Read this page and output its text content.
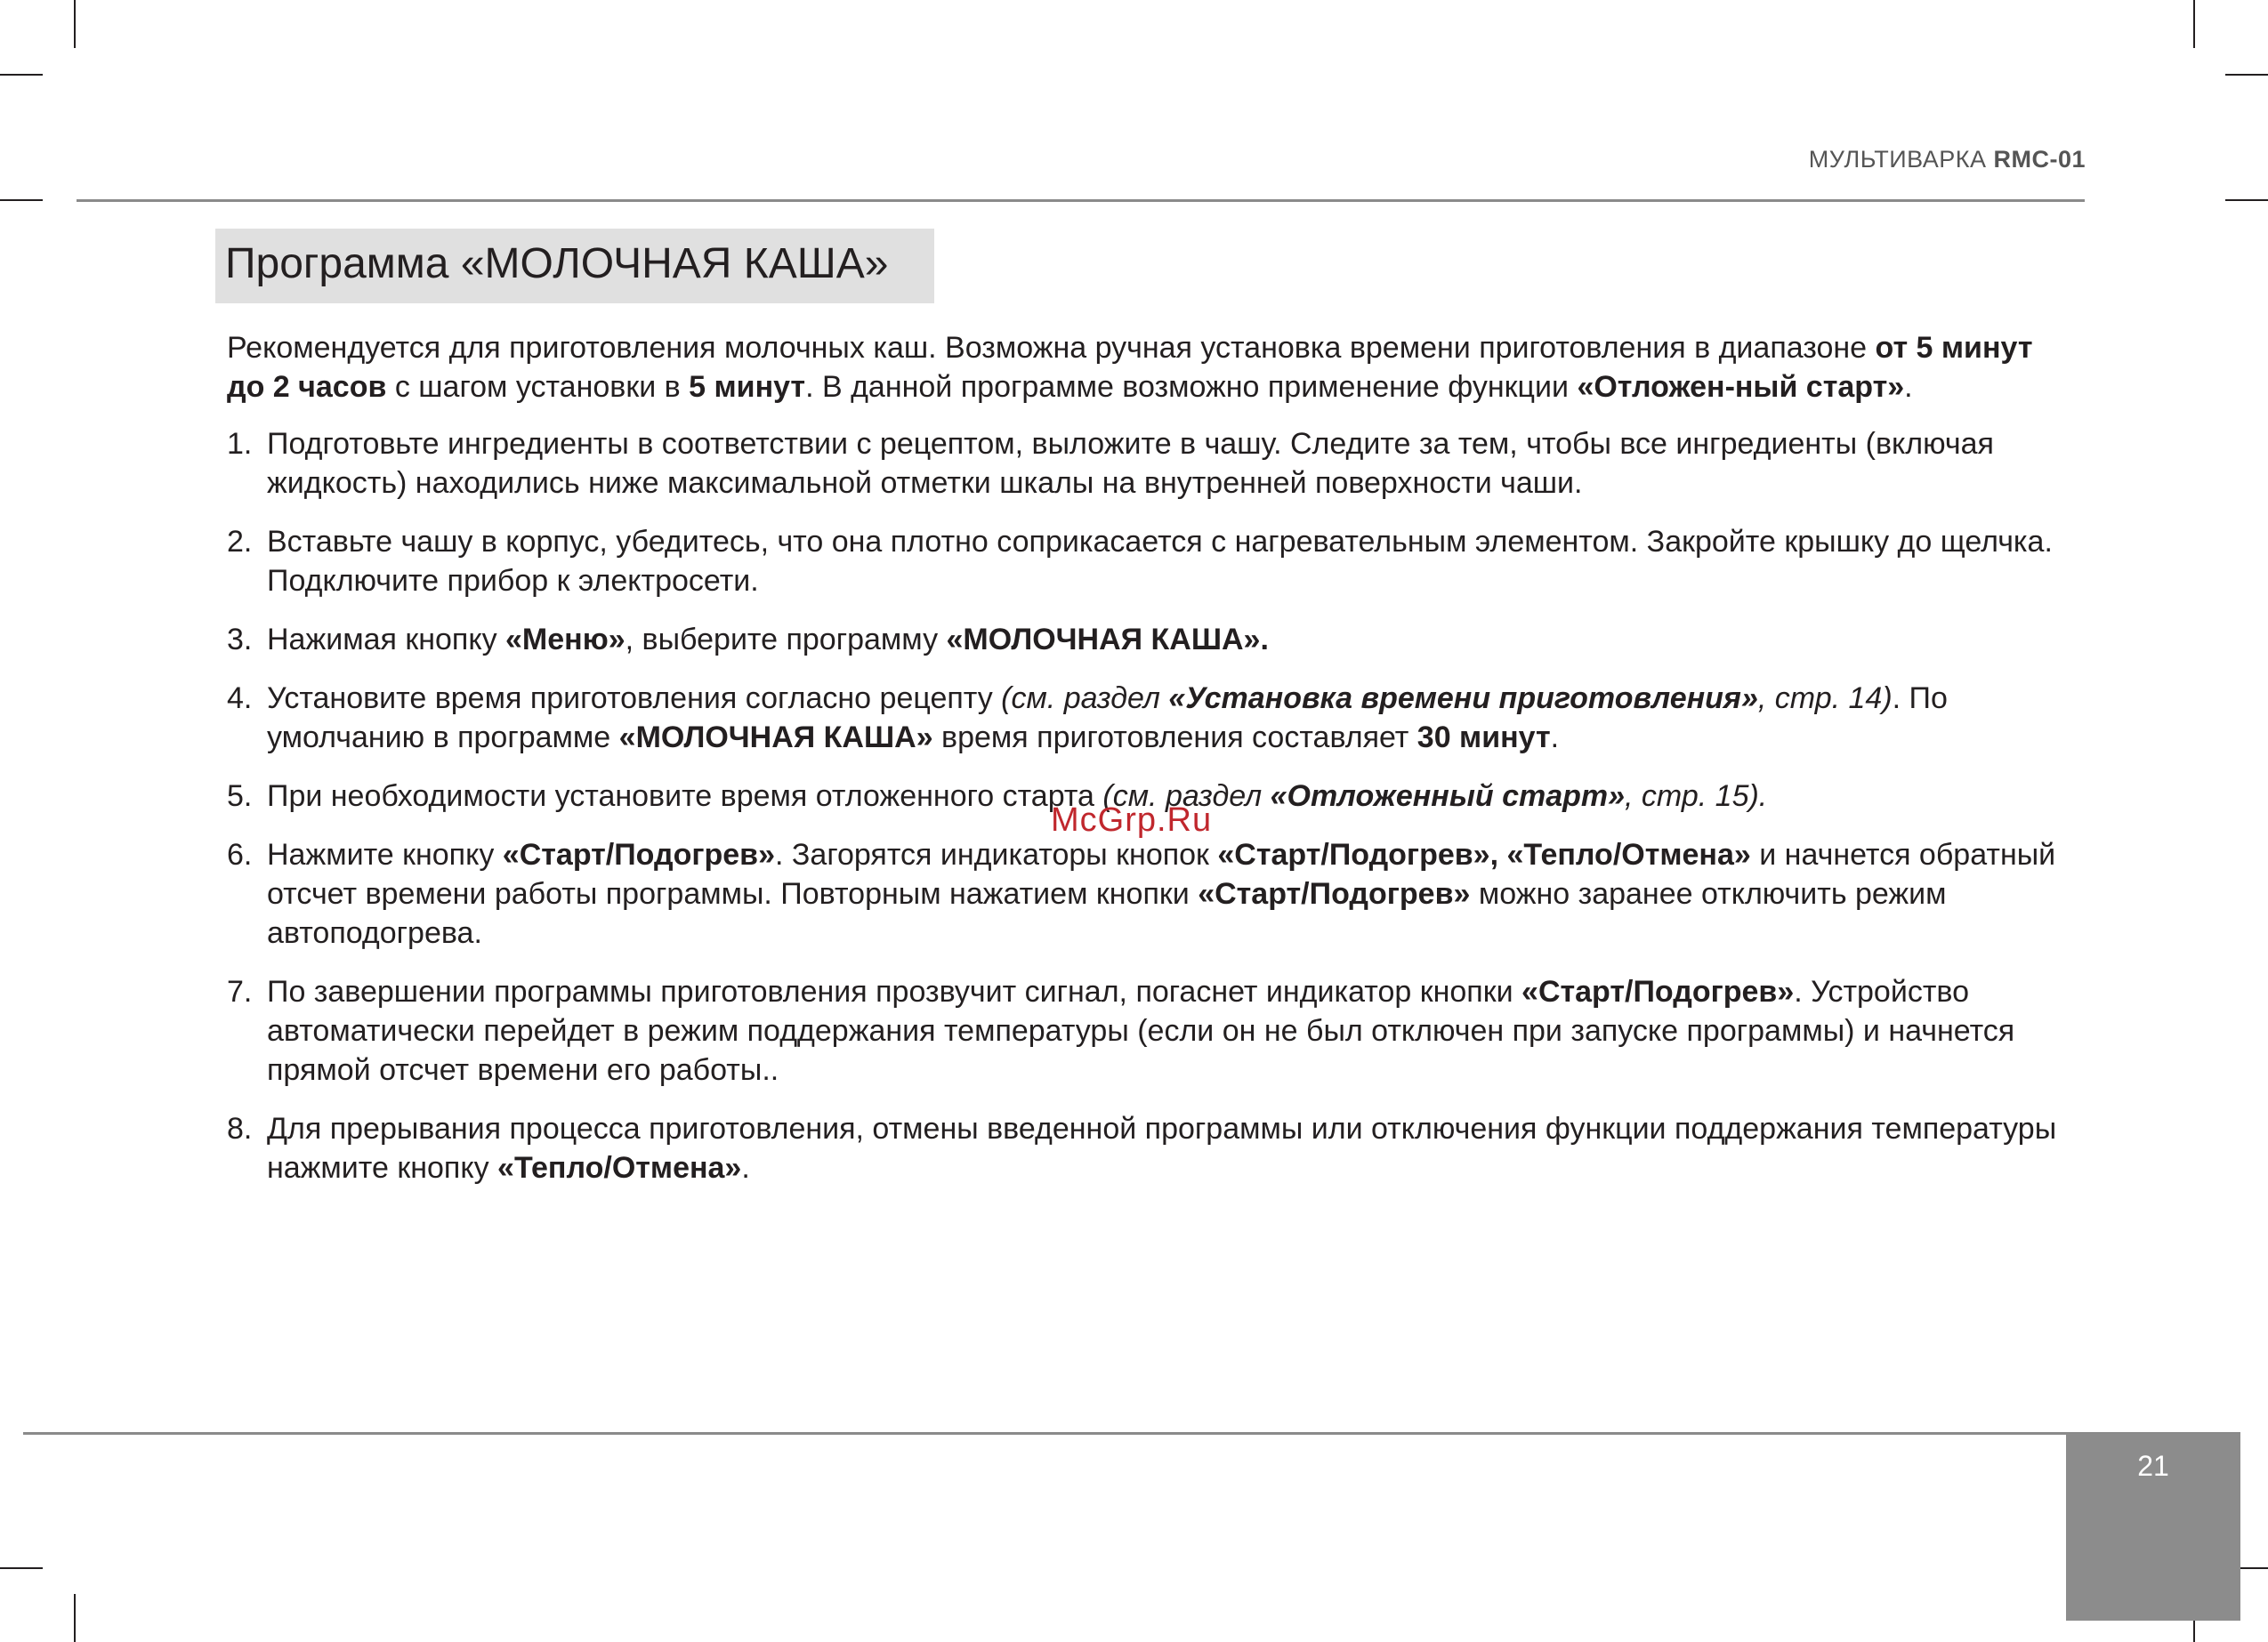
МУЛЬТИВАРКА RMC-01
Программа «МОЛОЧНАЯ КАША»

Рекомендуется для приготовления молочных каш. Возможна ручная установка времени приготовления в диапазоне от 5 минут до 2 часов с шагом установки в 5 минут. В данной программе возможно применение функции «Отложен-ный старт».

1. Подготовьте ингредиенты в соответствии с рецептом, выложите в чашу. Следите за тем, чтобы все ингредиенты (включая жидкость) находились ниже максимальной отметки шкалы на внутренней поверхности чаши.
2. Вставьте чашу в корпус, убедитесь, что она плотно соприкасается с нагревательным элементом. Закройте крышку до щелчка. Подключите прибор к электросети.
3. Нажимая кнопку «Меню», выберите программу «МОЛОЧНАЯ КАША».
4. Установите время приготовления согласно рецепту (см. раздел «Установка времени приготовления», стр. 14). По умолчанию в программе «МОЛОЧНАЯ КАША» время приготовления составляет 30 минут.
5. При необходимости установите время отложенного старта (см. раздел «Отложенный старт», стр. 15).
6. Нажмите кнопку «Старт/Подогрев». Загорятся индикаторы кнопок «Старт/Подогрев», «Тепло/Отмена» и начнется обратный отсчет времени работы программы. Повторным нажатием кнопки «Старт/Подогрев» можно заранее отключить режим автоподогрева.
7. По завершении программы приготовления прозвучит сигнал, погаснет индикатор кнопки «Старт/Подогрев». Устройство автоматически перейдет в режим поддержания температуры (если он не был отключен при запуске программы) и начнется прямой отсчет времени его работы..
8. Для прерывания процесса приготовления, отмены введенной программы или отключения функции поддержания температуры нажмите кнопку «Тепло/Отмена».
McGrp.Ru
21
